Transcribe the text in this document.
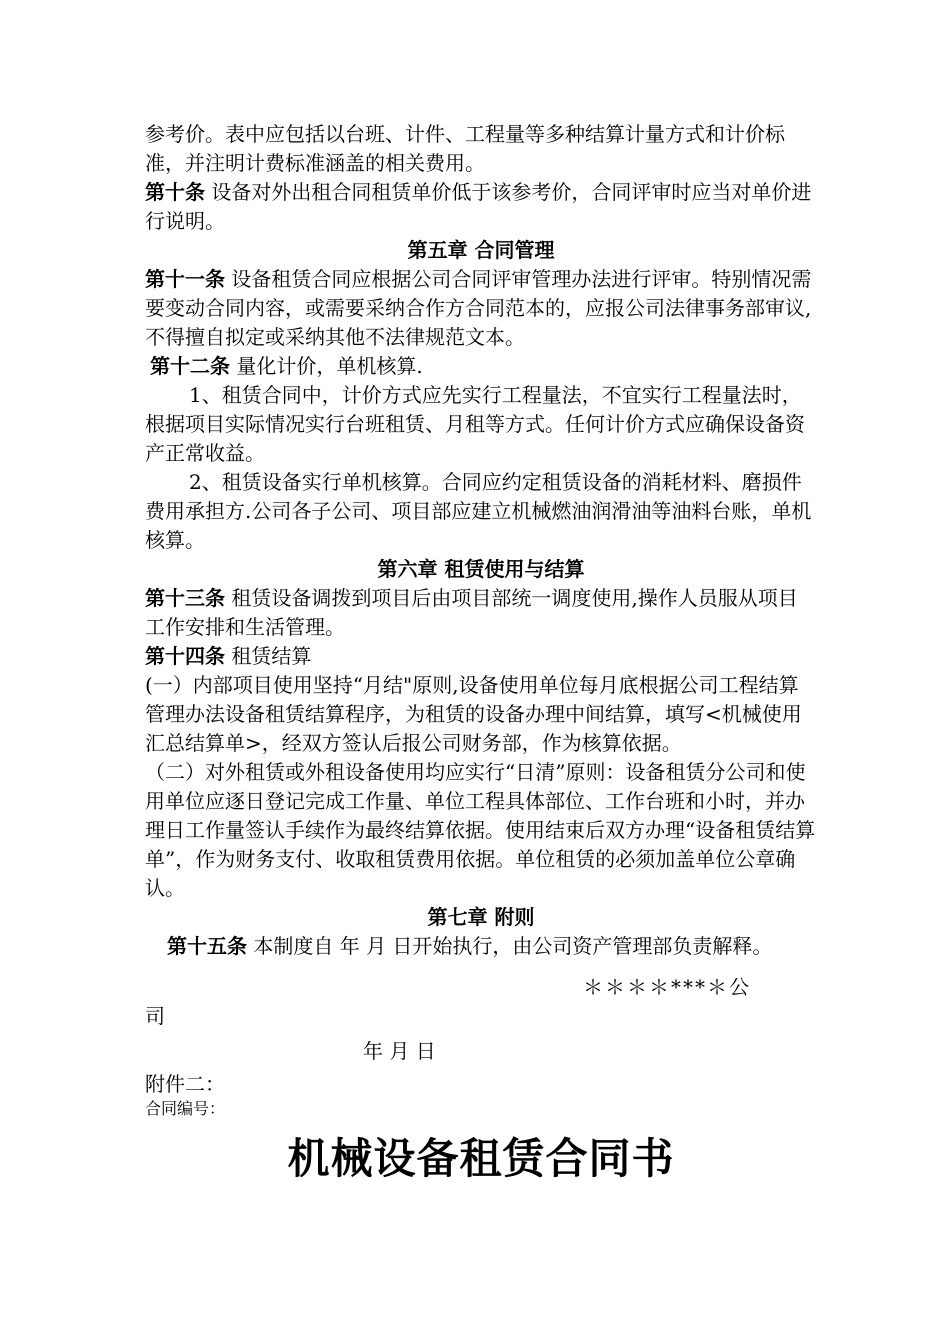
参考价。表中应包括以台班、计件、工程量等多种结算计量方式和计价标准，并注明计费标准涵盖的相关费用。

第十条 设备对外出租合同租赁单价低于该参考价，合同评审时应当对单价进行说明。

第五章 合同管理

第十一条 设备租赁合同应根据公司合同评审管理办法进行评审。特别情况需要变动合同内容，或需要采纳合作方合同范本的，应报公司法律事务部审议,不得擅自拟定或采纳其他不法律规范文本。

第十二条 量化计价，单机核算.

1、租赁合同中，计价方式应先实行工程量法，不宜实行工程量法时，根据项目实际情况实行台班租赁、月租等方式。任何计价方式应确保设备资产正常收益。

2、租赁设备实行单机核算。合同应约定租赁设备的消耗材料、磨损件费用承担方.公司各子公司、项目部应建立机械燃油润滑油等油料台账，单机核算。

第六章 租赁使用与结算

第十三条 租赁设备调拨到项目后由项目部统一调度使用,操作人员服从项目工作安排和生活管理。

第十四条 租赁结算

(一）内部项目使用坚持“月结"原则,设备使用单位每月底根据公司工程结算管理办法设备租赁结算程序，为租赁的设备办理中间结算，填写<机械使用汇总结算单>，经双方签认后报公司财务部，作为核算依据。

（二）对外租赁或外租设备使用均应实行“日清”原则：设备租赁分公司和使用单位应逐日登记完成工作量、单位工程具体部位、工作台班和小时，并办理日工作量签认手续作为最终结算依据。使用结束后双方办理“设备租赁结算单”，作为财务支付、收取租赁费用依据。单位租赁的必须加盖单位公章确认。

第七章 附则

第十五条 本制度自 年 月 日开始执行，由公司资产管理部负责解释。

＊＊＊＊***＊公

司

年 月 日

附件二：

合同编号：

机械设备租赁合同书
